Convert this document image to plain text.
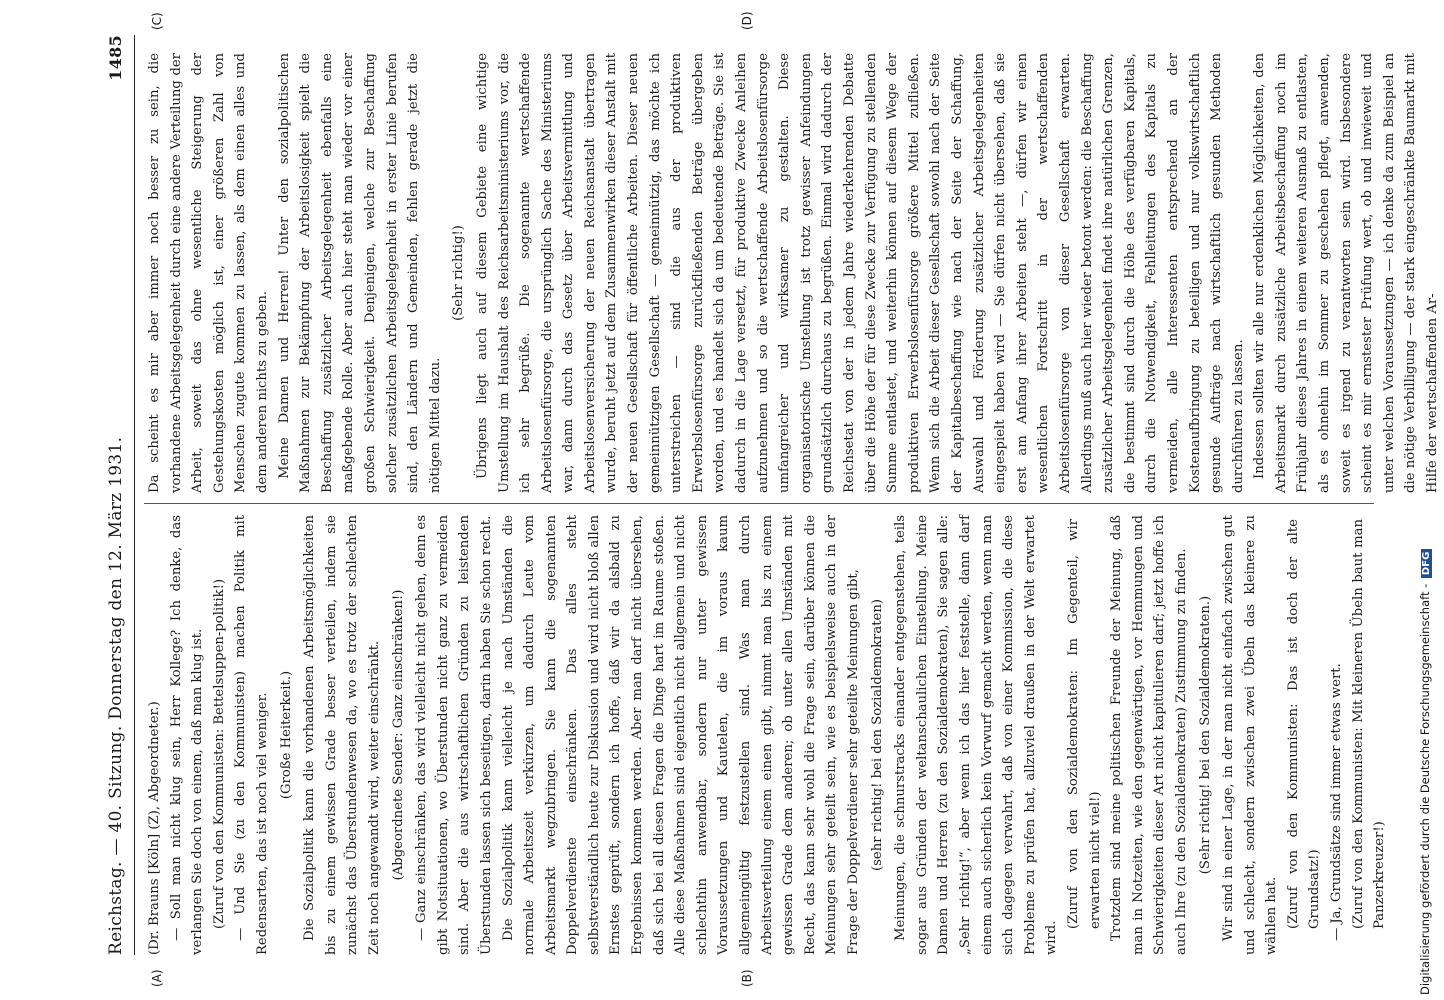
Reichstag. — 40. Sitzung. Donnerstag den 12. März 1931.
1485

(Dr. Brauns [Köln] (Z), Abgeordneter.) — Soll man nicht klug sein, Herr Kollege? Ich denke, das verlangen Sie doch von einem, daß man klug ist. (Zuruf von den Kommunisten: Bettelsuppen-politik!) — Und Sie (zu den Kommunisten) machen Politik mit Redensarten, das ist noch viel weniger. (Große Heiterkeit.) Die Sozialpolitik kann die vorhandenen Arbeitsmöglichkeiten bis zu einem gewissen Grade besser verteilen, indem sie zunächst das Überstundenwesen da, wo es trotz der schlechten Zeit noch angewandt wird, weiter einschränkt. (Abgeordnete Sender: Ganz einschränken!) — Ganz einschränken, das wird vielleicht nicht gehen, denn es gibt Notsituationen, wo Überstunden nicht ganz zu vermeiden sind. Aber die aus wirtschaftlichen Gründen zu leistenden Überstunden lassen sich beseitigen, darin haben Sie schon recht. Die Sozialpolitik kann vielleicht je nach Umständen die normale Arbeitszeit verkürzen, um dadurch Leute vom Arbeitsmarkt wegzubringen. Sie kann die sogenannten Doppelverdienste einschränken. Das alles steht selbstverständlich heute zur Diskussion und wird nicht bloß allen Ernstes geprüft, sondern ich hoffe, daß wir da alsbald zu Ergebnissen kommen werden. Aber man darf nicht übersehen, daß sich bei all diesen Fragen die Dinge hart im Raume stoßen. Alle diese Maßnahmen sind eigentlich nicht allgemein und nicht schlechthin anwendbar, sondern nur unter gewissen Voraussetzungen und Kautelen, die im voraus kaum allgemeingültig festzustellen sind. Was man durch Arbeitsverteilung einem einen gibt, nimmt man bis zu einem gewissen Grade dem anderen; ob unter allen Umständen mit Recht, das kann sehr wohl die Frage sein, darüber können die Meinungen sehr geteilt sein, wie es beispielsweise auch in der Frage der Doppelverdiener sehr geteilte Meinungen gibt, (sehr richtig! bei den Sozialdemokraten) Meinungen, die schnurstracks einander entgegenstehen, teils sogar aus Gründen der weltanschaulichen Einstellung. Meine Damen und Herren (zu den Sozialdemokraten), Sie sagen alle: „Sehr richtig!“, aber wenn ich das hier feststelle, dann darf einem auch sicherlich kein Vorwurf gemacht werden, wenn man sich dagegen verwahrt, daß von einer Kommission, die diese Probleme zu prüfen hat, allzuviel draußen in der Welt erwartet wird.

(Zuruf von den Sozialdemokraten: Im Gegenteil, wir erwarten nicht viel!) Trotzdem sind meine politischen Freunde der Meinung, daß man in Notzeiten, wie den gegenwärtigen, vor Hemmungen und Schwierigkeiten dieser Art nicht kapitulieren darf; jetzt hoffe ich auch Ihre (zu den Sozialdemokraten) Zustimmung zu finden. (Sehr richtig! bei den Sozialdemokraten.) Wir sind in einer Lage, in der man nicht einfach zwischen gut und schlecht, sondern zwischen zwei Übeln das kleinere zu wählen hat. (Zuruf von den Kommunisten: Das ist doch der alte Grundsatz!) — Ja, Grundsätze sind immer etwas wert. (Zuruf von den Kommunisten: Mit kleineren Übeln baut man Panzerkreuzer!)

Da scheint es mir aber immer noch besser zu sein, die vorhandene Arbeitsgelegenheit durch eine andere Verteilung der Arbeit, soweit das ohne wesentliche Steigerung der Gestehungskosten möglich ist, einer größeren Zahl von Menschen zugute kommen zu lassen, als dem einen alles und dem anderen nichts zu geben. Meine Damen und Herren! Unter den sozialpolitischen Maßnahmen zur Bekämpfung der Arbeitslosigkeit spielt die Beschaffung zusätzlicher Arbeitsgelegenheit ebenfalls eine maßgebende Rolle. Aber auch hier steht man wieder vor einer großen Schwierigkeit. Denjenigen, welche zur Beschaffung solcher zusätzlichen Arbeitsgelegenheit in erster Linie berufen sind, den Ländern und Gemeinden, fehlen gerade jetzt die nötigen Mittel dazu.

(Sehr richtig!) Übrigens liegt auch auf diesem Gebiete eine wichtige Umstellung im Haushalt des Reichsarbeitsministeriums vor, die ich sehr begrüße. Die sogenannte wertschaffende Arbeitslosenfürsorge, die ursprünglich Sache des Ministeriums war, dann durch das Gesetz über Arbeitsvermittlung und Arbeitslosenversicherung der neuen Reichsanstalt übertragen wurde, beruht jetzt auf dem Zusammenwirken dieser Anstalt mit der neuen Gesellschaft für öffentliche Arbeiten. Dieser neuen gemeinnützigen Gesellschaft — gemeinnützig, das möchte ich unterstreichen — sind die aus der produktiven Erwerbslosenfürsorge zurückfließenden Beträge übergeben worden, und es handelt sich da um bedeutende Beträge. Sie ist dadurch in die Lage versetzt, für produktive Zwecke Anleihen aufzunehmen und so die wertschaffende Arbeitslosenfürsorge umfangreicher und wirksamer zu gestalten. Diese organisatorische Umstellung ist trotz gewisser Anfeindungen grundsätzlich durchaus zu begrüßen. Einmal wird dadurch der Reichsetat von der in jedem Jahre wiederkehrenden Debatte über die Höhe der für diese Zwecke zur Verfügung zu stellenden Summe entlastet, und weiterhin können auf diesem Wege der produktiven Erwerbslosenfürsorge größere Mittel zufließen. Wenn sich die Arbeit dieser Gesellschaft sowohl nach der Seite der Kapitalbeschaffung wie nach der Seite der Schaffung, Auswahl und Förderung zusätzlicher Arbeitsgelegenheiten eingespielt haben wird — Sie dürfen nicht übersehen, daß sie erst am Anfang ihrer Arbeiten steht —, dürfen wir einen wesentlichen Fortschritt in der wertschaffenden Arbeitslosenfürsorge von dieser Gesellschaft erwarten. Allerdings muß auch hier wieder betont werden: die Beschaffung zusätzlicher Arbeitsgelegenheit findet ihre natürlichen Grenzen, die bestimmt sind durch die Höhe des verfügbaren Kapitals, durch die Notwendigkeit, Fehlleitungen des Kapitals zu vermeiden, alle Interessenten entsprechend an der Kostenaufbringung zu beteiligen und nur volkswirtschaftlich gesunde Aufträge nach wirtschaftlich gesunden Methoden durchführen zu lassen. Indessen sollten wir alle nur erdenklichen Möglichkeiten, den Arbeitsmarkt durch zusätzliche Arbeitsbeschaffung noch im Frühjahr dieses Jahres in einem weiteren Ausmaß zu entlasten, als es ohnehin im Sommer zu geschehen pflegt, anwenden, soweit es irgend zu verantworten sein wird. Insbesondere scheint es mir ernstester Prüfung wert, ob und inwieweit und unter welchen Voraussetzungen — ich denke da zum Beispiel an die nötige Verbilligung — der stark eingeschränkte Baumarkt mit Hilfe der wertschaffenden Ar-

(A)	(B)
(C)	(D)
Digitalisierung gefördert durch die Deutsche Forschungsgemeinschaft - DFG
